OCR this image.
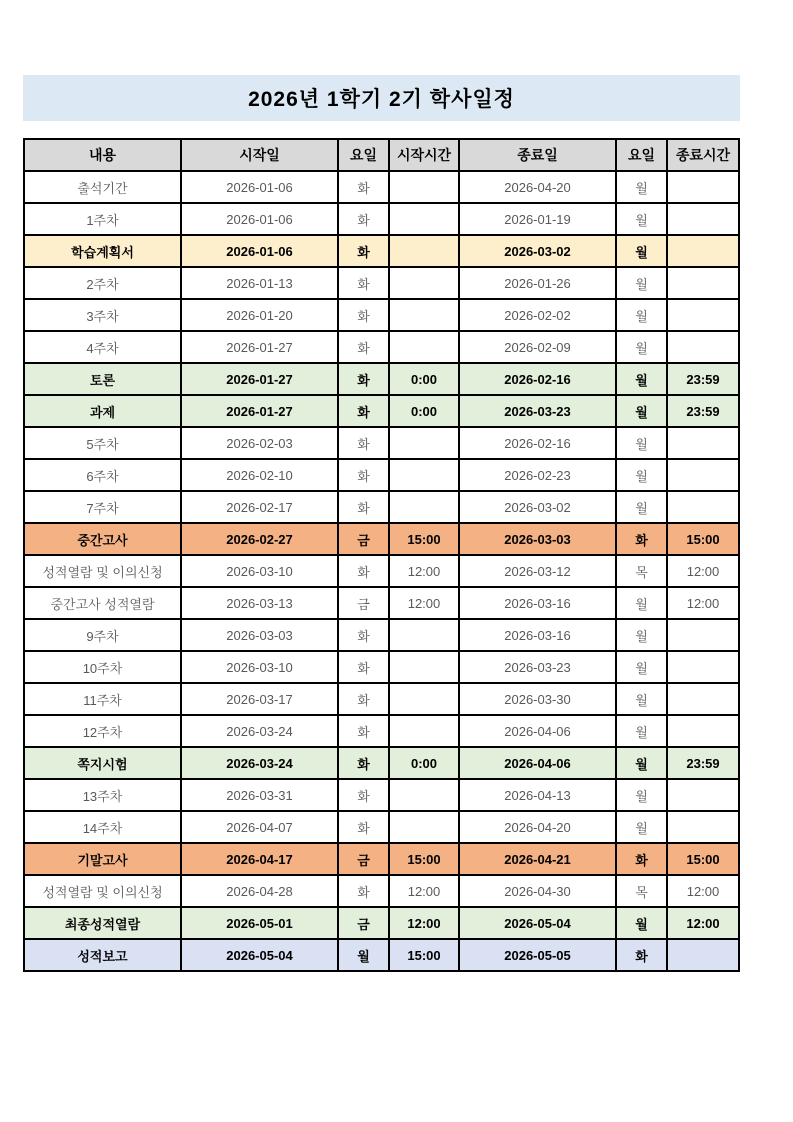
2026년 1학기 2기 학사일정
내용	시작일	요일	시작시간	종료일	요일	종료시간
출석기간	2026-01-06	화		2026-04-20	월	
1주차	2026-01-06	화		2026-01-19	월	
학습계획서	2026-01-06	화		2026-03-02	월	
2주차	2026-01-13	화		2026-01-26	월	
3주차	2026-01-20	화		2026-02-02	월	
4주차	2026-01-27	화		2026-02-09	월	
토론	2026-01-27	화	0:00	2026-02-16	월	23:59
과제	2026-01-27	화	0:00	2026-03-23	월	23:59
5주차	2026-02-03	화		2026-02-16	월	
6주차	2026-02-10	화		2026-02-23	월	
7주차	2026-02-17	화		2026-03-02	월	
중간고사	2026-02-27	금	15:00	2026-03-03	화	15:00
성적열람 및 이의신청	2026-03-10	화	12:00	2026-03-12	목	12:00
중간고사 성적열람	2026-03-13	금	12:00	2026-03-16	월	12:00
9주차	2026-03-03	화		2026-03-16	월	
10주차	2026-03-10	화		2026-03-23	월	
11주차	2026-03-17	화		2026-03-30	월	
12주차	2026-03-24	화		2026-04-06	월	
쪽지시험	2026-03-24	화	0:00	2026-04-06	월	23:59
13주차	2026-03-31	화		2026-04-13	월	
14주차	2026-04-07	화		2026-04-20	월	
기말고사	2026-04-17	금	15:00	2026-04-21	화	15:00
성적열람 및 이의신청	2026-04-28	화	12:00	2026-04-30	목	12:00
최종성적열람	2026-05-01	금	12:00	2026-05-04	월	12:00
성적보고	2026-05-04	월	15:00	2026-05-05	화	
